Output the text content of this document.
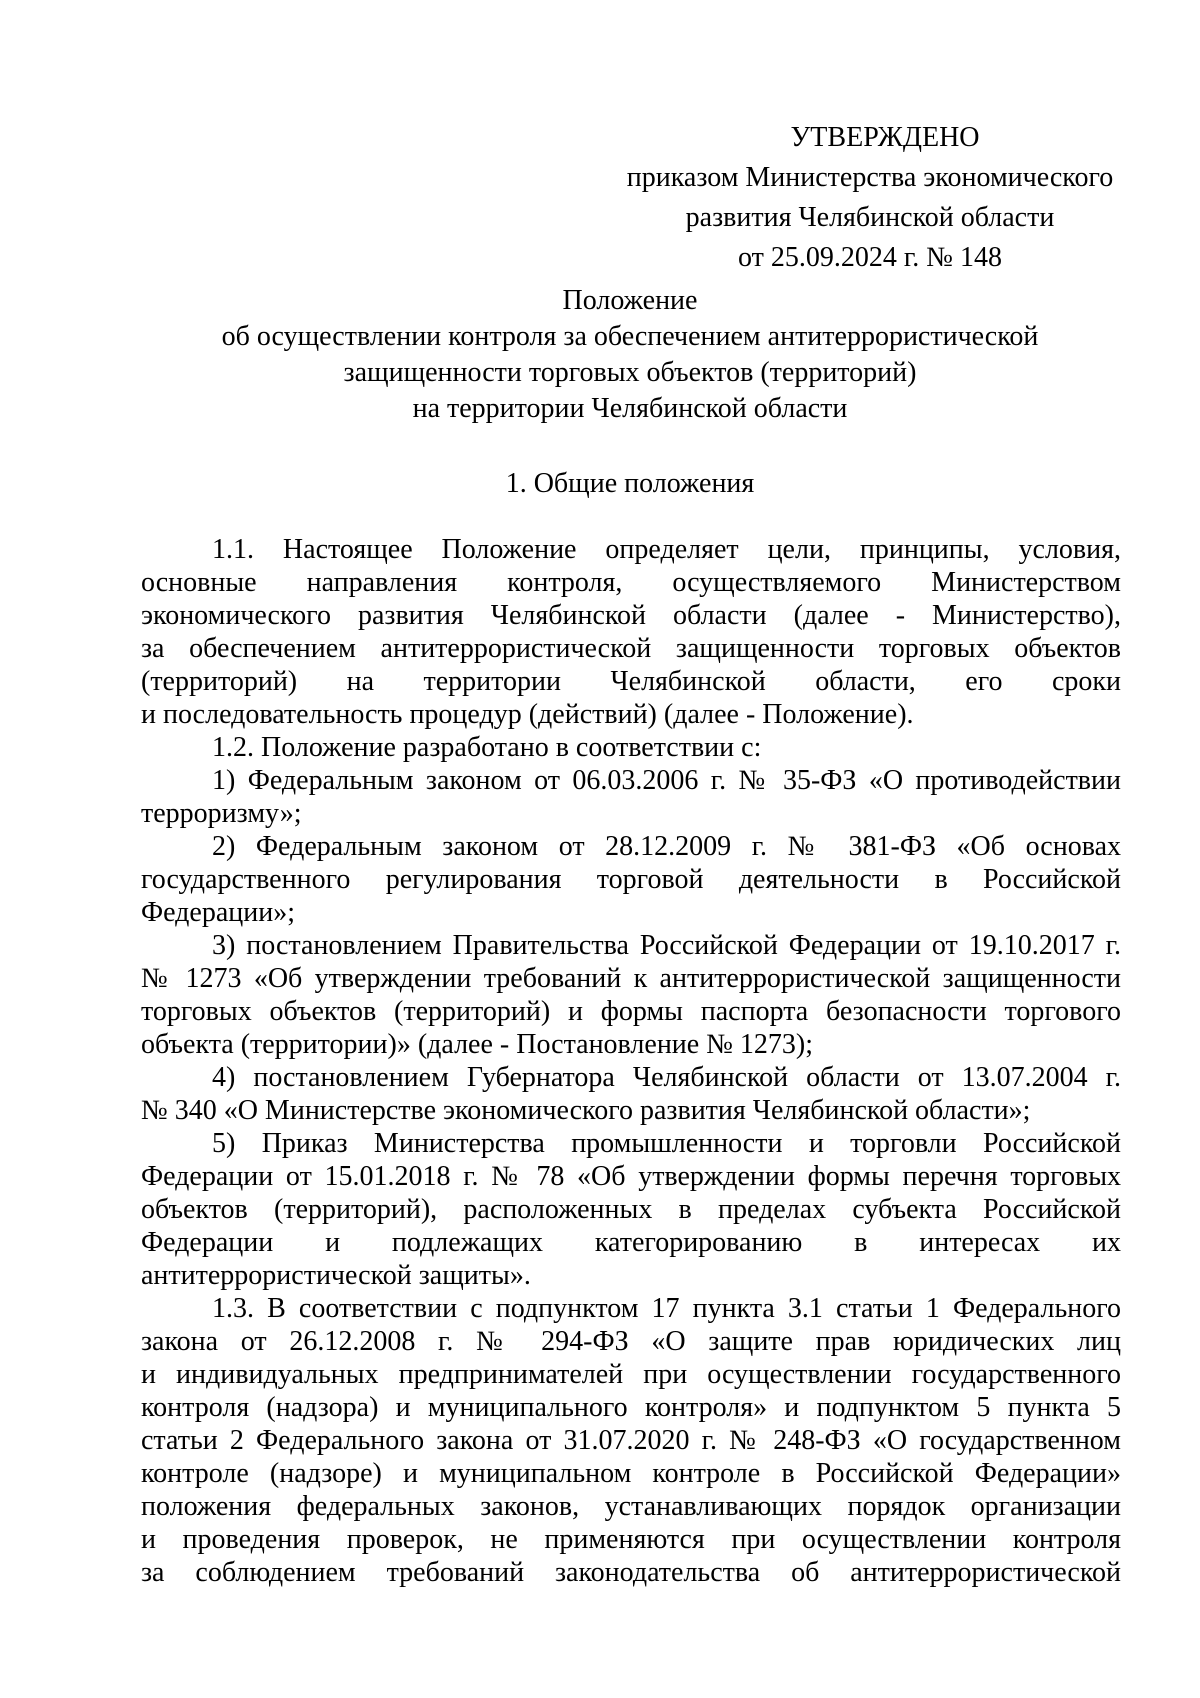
УТВЕРЖДЕНО
приказом Министерства экономического
развития Челябинской области
от 25.09.2024 г. № 148
Положение
об осуществлении контроля за обеспечением антитеррористической
защищенности торговых объектов (территорий)
на территории Челябинской области
1. Общие положения
1.1. Настоящее Положение определяет цели, принципы, условия,
основные направления контроля, осуществляемого Министерством
экономического развития Челябинской области (далее - Министерство),
за обеспечением антитеррористической защищенности торговых объектов
(территорий) на территории Челябинской области, его сроки
и последовательность процедур (действий) (далее - Положение).
1.2. Положение разработано в соответствии с:
1) Федеральным законом от 06.03.2006 г. № 35-ФЗ «О противодействии
терроризму»;
2) Федеральным законом от 28.12.2009 г. № 381-ФЗ «Об основах
государственного регулирования торговой деятельности в Российской
Федерации»;
3) постановлением Правительства Российской Федерации от 19.10.2017 г.
№ 1273 «Об утверждении требований к антитеррористической защищенности
торговых объектов (территорий) и формы паспорта безопасности торгового
объекта (территории)» (далее - Постановление № 1273);
4) постановлением Губернатора Челябинской области от 13.07.2004 г.
№ 340 «О Министерстве экономического развития Челябинской области»;
5) Приказ Министерства промышленности и торговли Российской
Федерации от 15.01.2018 г. № 78 «Об утверждении формы перечня торговых
объектов (территорий), расположенных в пределах субъекта Российской
Федерации и подлежащих категорированию в интересах их
антитеррористической защиты».
1.3. В соответствии с подпунктом 17 пункта 3.1 статьи 1 Федерального
закона от 26.12.2008 г. № 294-ФЗ «О защите прав юридических лиц
и индивидуальных предпринимателей при осуществлении государственного
контроля (надзора) и муниципального контроля» и подпунктом 5 пункта 5
статьи 2 Федерального закона от 31.07.2020 г. № 248-ФЗ «О государственном
контроле (надзоре) и муниципальном контроле в Российской Федерации»
положения федеральных законов, устанавливающих порядок организации
и проведения проверок, не применяются при осуществлении контроля
за соблюдением требований законодательства об антитеррористической
